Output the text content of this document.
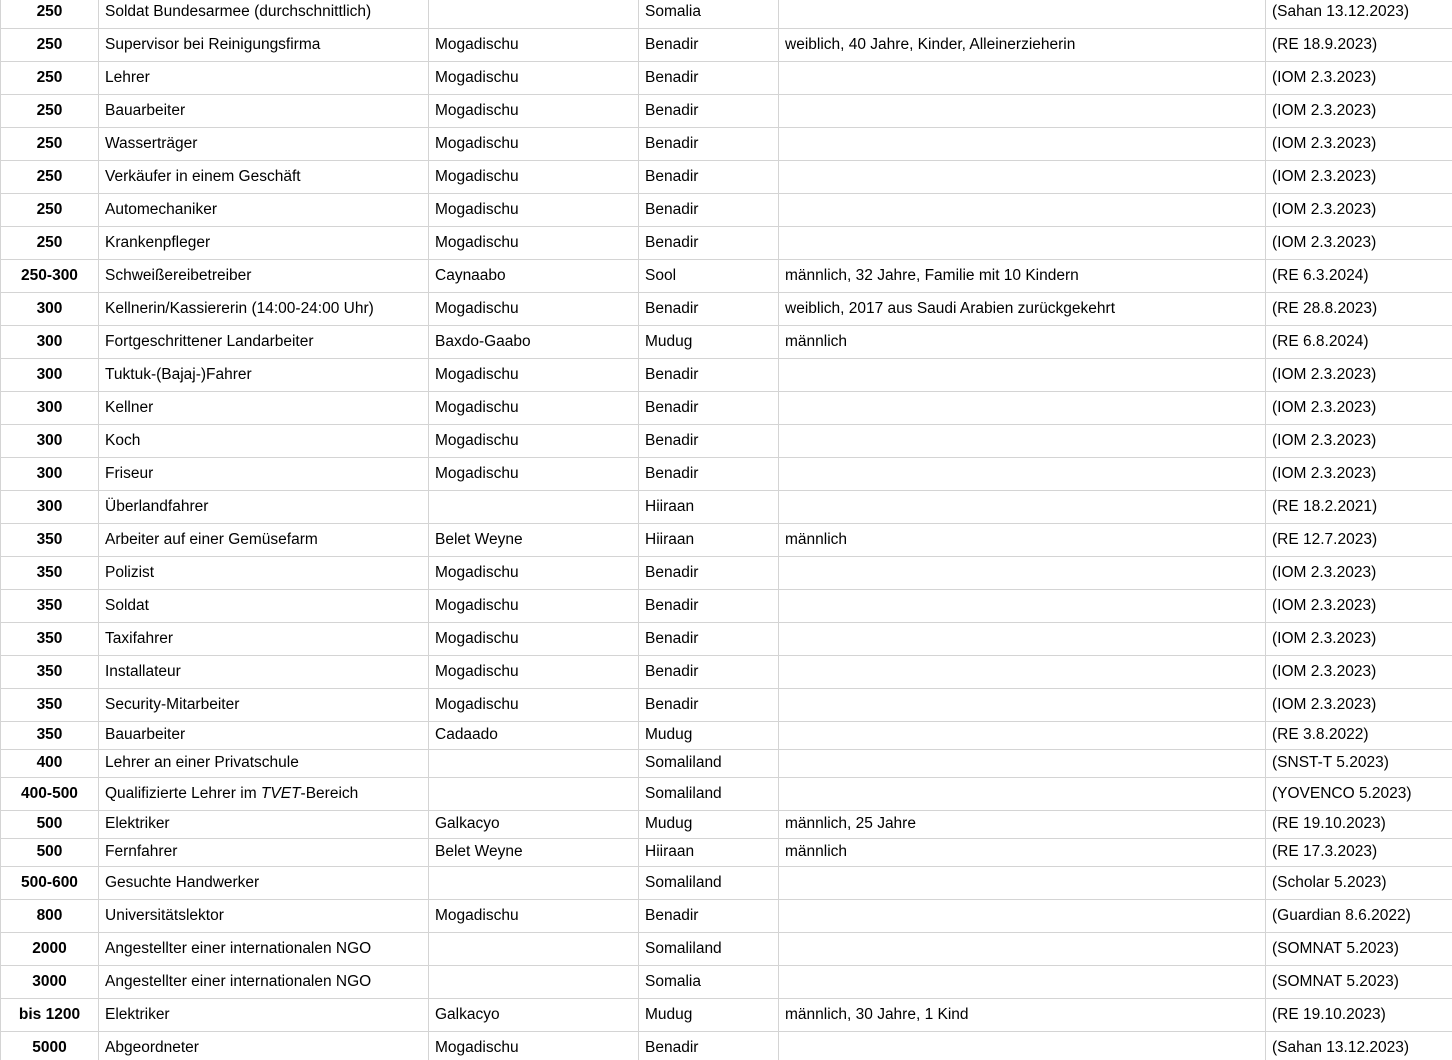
250	Soldat Bundesarmee (durchschnittlich)		Somalia		(Sahan 13.12.2023)
250	Supervisor bei Reinigungsfirma	Mogadischu	Benadir	weiblich, 40 Jahre, Kinder, Alleinerzieherin	(RE 18.9.2023)
250	Lehrer	Mogadischu	Benadir		(IOM 2.3.2023)
250	Bauarbeiter	Mogadischu	Benadir		(IOM 2.3.2023)
250	Wasserträger	Mogadischu	Benadir		(IOM 2.3.2023)
250	Verkäufer in einem Geschäft	Mogadischu	Benadir		(IOM 2.3.2023)
250	Automechaniker	Mogadischu	Benadir		(IOM 2.3.2023)
250	Krankenpfleger	Mogadischu	Benadir		(IOM 2.3.2023)
250-300	Schweißereibetreiber	Caynaabo	Sool	männlich, 32 Jahre, Familie mit 10 Kindern	(RE 6.3.2024)
300	Kellnerin/Kassiererin (14:00-24:00 Uhr)	Mogadischu	Benadir	weiblich, 2017 aus Saudi Arabien zurückgekehrt	(RE 28.8.2023)
300	Fortgeschrittener Landarbeiter	Baxdo-Gaabo	Mudug	männlich	(RE 6.8.2024)
300	Tuktuk-(Bajaj-)Fahrer	Mogadischu	Benadir		(IOM 2.3.2023)
300	Kellner	Mogadischu	Benadir		(IOM 2.3.2023)
300	Koch	Mogadischu	Benadir		(IOM 2.3.2023)
300	Friseur	Mogadischu	Benadir		(IOM 2.3.2023)
300	Überlandfahrer		Hiiraan		(RE 18.2.2021)
350	Arbeiter auf einer Gemüsefarm	Belet Weyne	Hiiraan	männlich	(RE 12.7.2023)
350	Polizist	Mogadischu	Benadir		(IOM 2.3.2023)
350	Soldat	Mogadischu	Benadir		(IOM 2.3.2023)
350	Taxifahrer	Mogadischu	Benadir		(IOM 2.3.2023)
350	Installateur	Mogadischu	Benadir		(IOM 2.3.2023)
350	Security-Mitarbeiter	Mogadischu	Benadir		(IOM 2.3.2023)
350	Bauarbeiter	Cadaado	Mudug		(RE 3.8.2022)
400	Lehrer an einer Privatschule		Somaliland		(SNST-T 5.2023)
400-500	Qualifizierte Lehrer im TVET-Bereich		Somaliland		(YOVENCO 5.2023)
500	Elektriker	Galkacyo	Mudug	männlich, 25 Jahre	(RE 19.10.2023)
500	Fernfahrer	Belet Weyne	Hiiraan	männlich	(RE 17.3.2023)
500-600	Gesuchte Handwerker		Somaliland		(Scholar 5.2023)
800	Universitätslektor	Mogadischu	Benadir		(Guardian 8.6.2022)
2000	Angestellter einer internationalen NGO		Somaliland		(SOMNAT 5.2023)
3000	Angestellter einer internationalen NGO		Somalia		(SOMNAT 5.2023)
bis 1200	Elektriker	Galkacyo	Mudug	männlich, 30 Jahre, 1 Kind	(RE 19.10.2023)
5000	Abgeordneter	Mogadischu	Benadir		(Sahan 13.12.2023)
